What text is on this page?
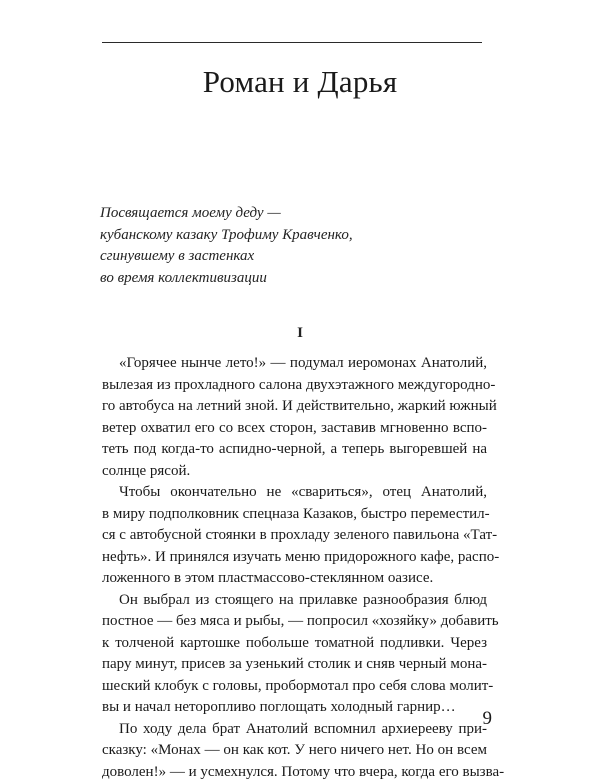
Роман и Дарья
Посвящается моему деду —
кубанскому казаку Трофиму Кравченко,
сгинувшему в застенках
во время коллективизации
I
«Горячее нынче лето!» — подумал иеромонах Анатолий,
вылезая из прохладного салона двухэтажного междугородно-
го автобуса на летний зной. И действительно, жаркий южный
ветер охватил его со всех сторон, заставив мгновенно вспо-
теть под когда-то аспидно-черной, а теперь выгоревшей на
солнце рясой.
Чтобы окончательно не «свариться», отец Анатолий,
в миру подполковник спецназа Казаков, быстро переместил-
ся с автобусной стоянки в прохладу зеленого павильона «Тат-
нефть». И принялся изучать меню придорожного кафе, распо-
ложенного в этом пластмассово-стеклянном оазисе.
Он выбрал из стоящего на прилавке разнообразия блюд
постное — без мяса и рыбы, — попросил «хозяйку» добавить
к толченой картошке побольше томатной подливки. Через
пару минут, присев за узенький столик и сняв черный мона-
шеский клобук с головы, пробормотал про себя слова молит-
вы и начал неторопливо поглощать холодный гарнир…
По ходу дела брат Анатолий вспомнил архиерееву при-
сказку: «Монах — он как кот. У него ничего нет. Но он всем
доволен!» — и усмехнулся. Потому что вчера, когда его вызва-
9
